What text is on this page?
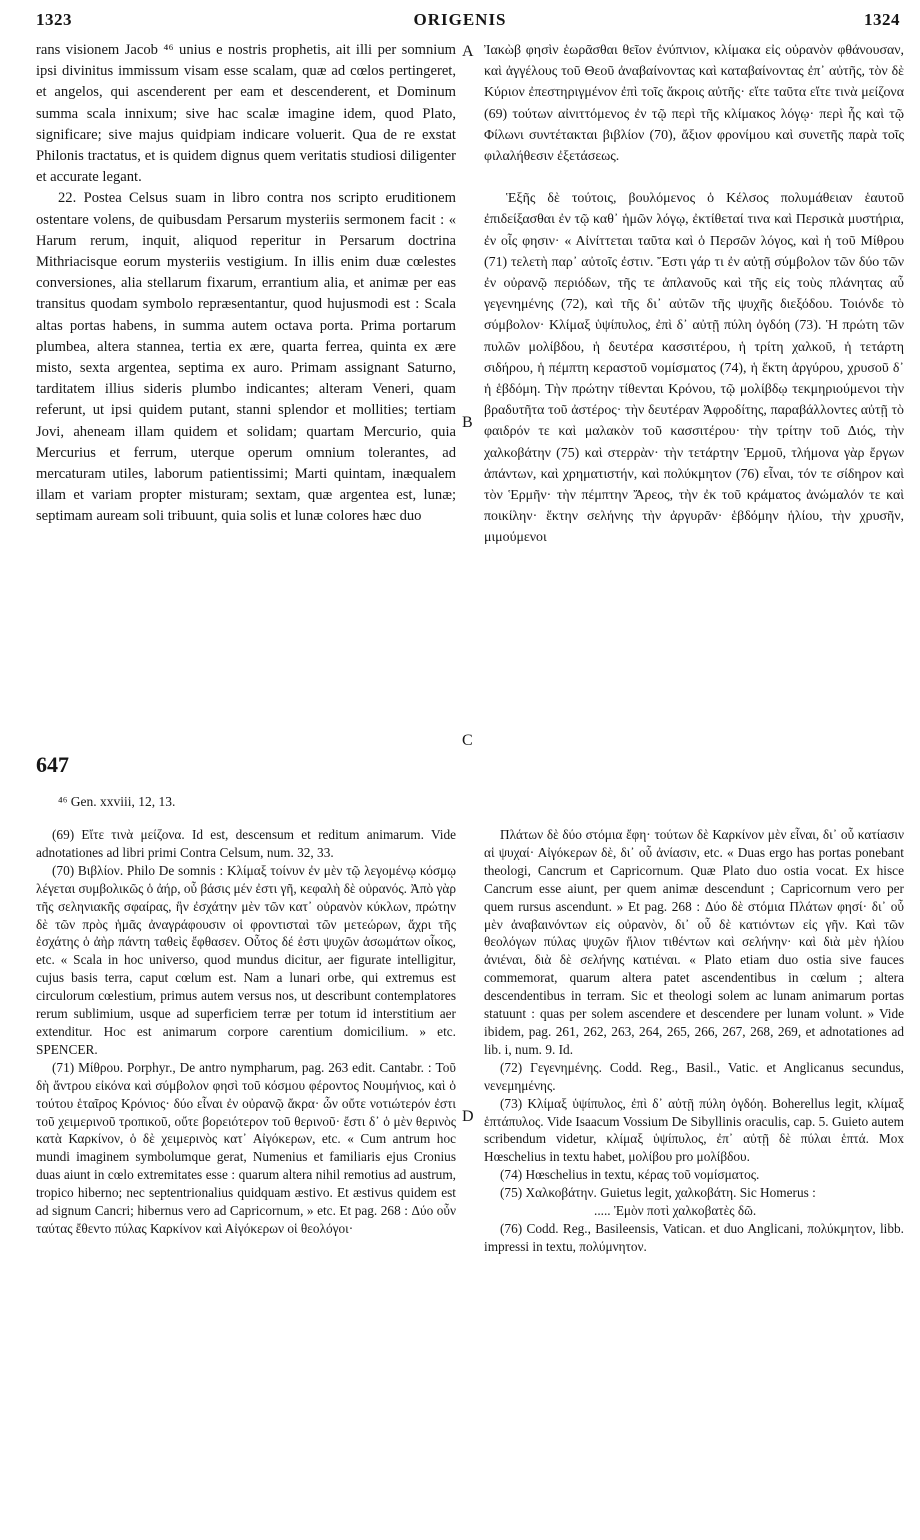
1323	ORIGENIS	1324

rans visionem Jacob ⁴⁶ unius e nostris prophetis, ait illi per somnium ipsi divinitus immissum visam esse scalam, quæ ad cœlos pertingeret, et angelos, qui ascenderent per eam et descenderent, et Dominum summa scala innixum; sive hac scalæ imagine idem, quod Plato, significare; sive majus quidpiam indicare voluerit. Qua de re exstat Philonis tractatus, et is quidem dignus quem veritatis studiosi diligenter et accurate legant.

22. Postea Celsus suam in libro contra nos scripto eruditionem ostentare volens, de quibusdam Persarum mysteriis sermonem facit : « Harum rerum, inquit, aliquod reperitur in Persarum doctrina Mithriacisque eorum mysteriis vestigium. In illis enim duæ cœlestes conversiones, alia stellarum fixarum, errantium alia, et animæ per eas transitus quodam symbolo repræsentantur, quod hujusmodi est : Scala altas portas habens, in summa autem octava porta. Prima portarum plumbea, altera stannea, tertia ex ære, quarta ferrea, quinta ex ære misto, sexta argentea, septima ex auro. Primam assignant Saturno, tarditatem illius sideris plumbo indicantes; alteram Veneri, quam referunt, ut ipsi quidem putant, stanni splendor et mollities; tertiam Jovi, aheneam illam quidem et solidam; quartam Mercurio, quia Mercurius et ferrum, uterque operum omnium tolerantes, ad mercaturam utiles, laborum patientissimi; Marti quintam, inæqualem illam et variam propter misturam; sextam, quæ argentea est, lunæ; septimam auream soli tribuunt, quia solis et lunæ colores hæc duo

A
B
C
D

Ἰακὼβ φησὶν ἑωρᾶσθαι θεῖον ἐνύπνιον, κλίμακα εἰς οὐρανὸν φθάνουσαν, καὶ ἀγγέλους τοῦ Θεοῦ ἀναβαίνοντας καὶ καταβαίνοντας ἐπ᾽ αὐτῆς, τὸν δὲ Κύριον ἐπεστηριγμένον ἐπὶ τοῖς ἄκροις αὐτῆς· εἴτε ταῦτα εἴτε τινὰ μείζονα (69) τούτων αἰνιττόμενος ἐν τῷ περὶ τῆς κλίμακος λόγῳ· περὶ ἧς καὶ τῷ Φίλωνι συντέτακται βιβλίον (70), ἄξιον φρονίμου καὶ συνετῆς παρὰ τοῖς φιλαλήθεσιν ἐξετάσεως.

Ἑξῆς δὲ τούτοις, βουλόμενος ὁ Κέλσος πολυμάθειαν ἑαυτοῦ ἐπιδείξασθαι ἐν τῷ καθ᾽ ἡμῶν λόγῳ, ἐκτίθεταί τινα καὶ Περσικὰ μυστήρια, ἐν οἷς φησιν· « Αἰνίττεται ταῦτα καὶ ὁ Περσῶν λόγος, καὶ ἡ τοῦ Μίθρου (71) τελετὴ παρ᾽ αὐτοῖς ἐστιν. Ἔστι γάρ τι ἐν αὐτῇ σύμβολον τῶν δύο τῶν ἐν οὐρανῷ περιόδων, τῆς τε ἀπλανοῦς καὶ τῆς εἰς τοὺς πλάνητας αὖ γεγενημένης (72), καὶ τῆς δι᾽ αὐτῶν τῆς ψυχῆς διεξόδου. Τοιόνδε τὸ σύμβολον· Κλίμαξ ὑψίπυλος, ἐπὶ δ᾽ αὐτῇ πύλη ὀγδόη (73). Ἡ πρώτη τῶν πυλῶν μολίβδου, ἡ δευτέρα κασσιτέρου, ἡ τρίτη χαλκοῦ, ἡ τετάρτη σιδήρου, ἡ πέμπτη κεραστοῦ νομίσματος (74), ἡ ἕκτη ἀργύρου, χρυσοῦ δ᾽ ἡ ἑβδόμη. Τὴν πρώτην τίθενται Κρόνου, τῷ μολίβδῳ τεκμηριούμενοι τὴν βραδυτῆτα τοῦ ἀστέρος· τὴν δευτέραν Ἀφροδίτης, παραβάλλοντες αὐτῇ τὸ φαιδρόν τε καὶ μαλακὸν τοῦ κασσιτέρου· τὴν τρίτην τοῦ Διός, τὴν χαλκοβάτην (75) καὶ στερρὰν· τὴν τετάρτην Ἑρμοῦ, τλήμονα γὰρ ἔργων ἁπάντων, καὶ χρηματιστήν, καὶ πολύκμητον (76) εἶναι, τόν τε σίδηρον καὶ τὸν Ἑρμῆν· τὴν πέμπτην Ἄρεος, τὴν ἐκ τοῦ κράματος ἀνώμαλόν τε καὶ ποικίλην· ἕκτην σελήνης τὴν ἀργυρᾶν· ἑβδόμην ἡλίου, τὴν χρυσῆν, μιμούμενοι

647
⁴⁶ Gen. xxviii, 12, 13.

(69) Εἴτε τινὰ μείζονα. Id est, descensum et reditum animarum. Vide adnotationes ad libri primi Contra Celsum, num. 32, 33.

(70) Βιβλίον. Philo De somnis : Κλίμαξ τοίνυν ἐν μὲν τῷ λεγομένῳ κόσμῳ λέγεται συμβολικῶς ὁ ἀήρ, οὗ βάσις μέν ἐστι γῆ, κεφαλὴ δὲ οὐρανός. Ἀπὸ γὰρ τῆς σεληνιακῆς σφαίρας, ἣν ἐσχάτην μὲν τῶν κατ᾽ οὐρανὸν κύκλων, πρώτην δὲ τῶν πρὸς ἡμᾶς ἀναγράφουσιν οἱ φροντισταὶ τῶν μετεώρων, ἄχρι τῆς ἐσχάτης ὁ ἀὴρ πάντη ταθεὶς ἔφθασεν. Οὗτος δέ ἐστι ψυχῶν ἀσωμάτων οἶκος, etc. « Scala in hoc universo, quod mundus dicitur, aer figurate intelligitur, cujus basis terra, caput cœlum est. Nam a lunari orbe, qui extremus est circulorum cœlestium, primus autem versus nos, ut describunt contemplatores rerum sublimium, usque ad superficiem terræ per totum id interstitium aer extenditur. Hoc est animarum corpore carentium domicilium. » etc. SPENCER.

(71) Μίθρου. Porphyr., De antro nympharum, pag. 263 edit. Cantabr. : Τοῦ δὴ ἄντρου εἰκόνα καὶ σύμβολον φησὶ τοῦ κόσμου φέροντος Νουμήνιος, καὶ ὁ τούτου ἑταῖρος Κρόνιος· δύο εἶναι ἐν οὐρανῷ ἄκρα· ὧν οὔτε νοτιώτερόν ἐστι τοῦ χειμερινοῦ τροπικοῦ, οὔτε βορειότερον τοῦ θερινοῦ· ἔστι δ᾽ ὁ μὲν θερινὸς κατὰ Καρκίνον, ὁ δὲ χειμερινὸς κατ᾽ Αἰγόκερων, etc. « Cum antrum hoc mundi imaginem symbolumque gerat, Numenius et familiaris ejus Cronius duas aiunt in cœlo extremitates esse : quarum altera nihil remotius ad austrum, tropico hiberno; nec septentrionalius quidquam æstivo. Et æstivus quidem est ad signum Cancri; hibernus vero ad Capricornum, » etc. Et pag. 268 : Δύο οὖν ταύτας ἔθεντο πύλας Καρκίνον καὶ Αἰγόκερων οἱ θεολόγοι·

Πλάτων δὲ δύο στόμια ἔφη· τούτων δὲ Καρκίνον μὲν εἶναι, δι᾽ οὗ κατίασιν αἱ ψυχαί· Αἰγόκερων δὲ, δι᾽ οὗ ἀνίασιν, etc. « Duas ergo has portas ponebant theologi, Cancrum et Capricornum. Quæ Plato duo ostia vocat. Ex hisce Cancrum esse aiunt, per quem animæ descendunt ; Capricornum vero per quem rursus ascendunt. » Et pag. 268 : Δύο δὲ στόμια Πλάτων φησί· δι᾽ οὗ μὲν ἀναβαινόντων εἰς οὐρανὸν, δι᾽ οὗ δὲ κατιόντων εἰς γῆν. Καὶ τῶν θεολόγων πύλας ψυχῶν ἥλιον τιθέντων καὶ σελήνην· καὶ διὰ μὲν ἡλίου ἀνιέναι, διὰ δὲ σελήνης κατιέναι. « Plato etiam duo ostia sive fauces commemorat, quarum altera patet ascendentibus in cœlum ; altera descendentibus in terram. Sic et theologi solem ac lunam animarum portas statuunt : quas per solem ascendere et descendere per lunam volunt. » Vide ibidem, pag. 261, 262, 263, 264, 265, 266, 267, 268, 269, et adnotationes ad lib. i, num. 9. Id.

(72) Γεγενημένης. Codd. Reg., Basil., Vatic. et Anglicanus secundus, νενεμημένης.

(73) Κλίμαξ ὑψίπυλος, ἐπὶ δ᾽ αὐτῇ πύλη ὀγδόη. Boherellus legit, κλίμαξ ἑπτάπυλος. Vide Isaacum Vossium De Sibyllinis oraculis, cap. 5. Guieto autem scribendum videtur, κλίμαξ ὑψίπυλος, ἐπ᾽ αὐτῇ δὲ πύλαι ἑπτά. Mox Hœschelius in textu habet, μολίβου pro μολίβδου.

(74) Hœschelius in textu, κέρας τοῦ νομίσματος.

(75) Χαλκοβάτην. Guietus legit, χαλκοβάτη. Sic Homerus :

..... Ἐμὸν ποτὶ χαλκοβατὲς δῶ.

(76) Codd. Reg., Basileensis, Vatican. et duo Anglicani, πολύκμητον, libb. impressi in textu, πολύμνητον.
